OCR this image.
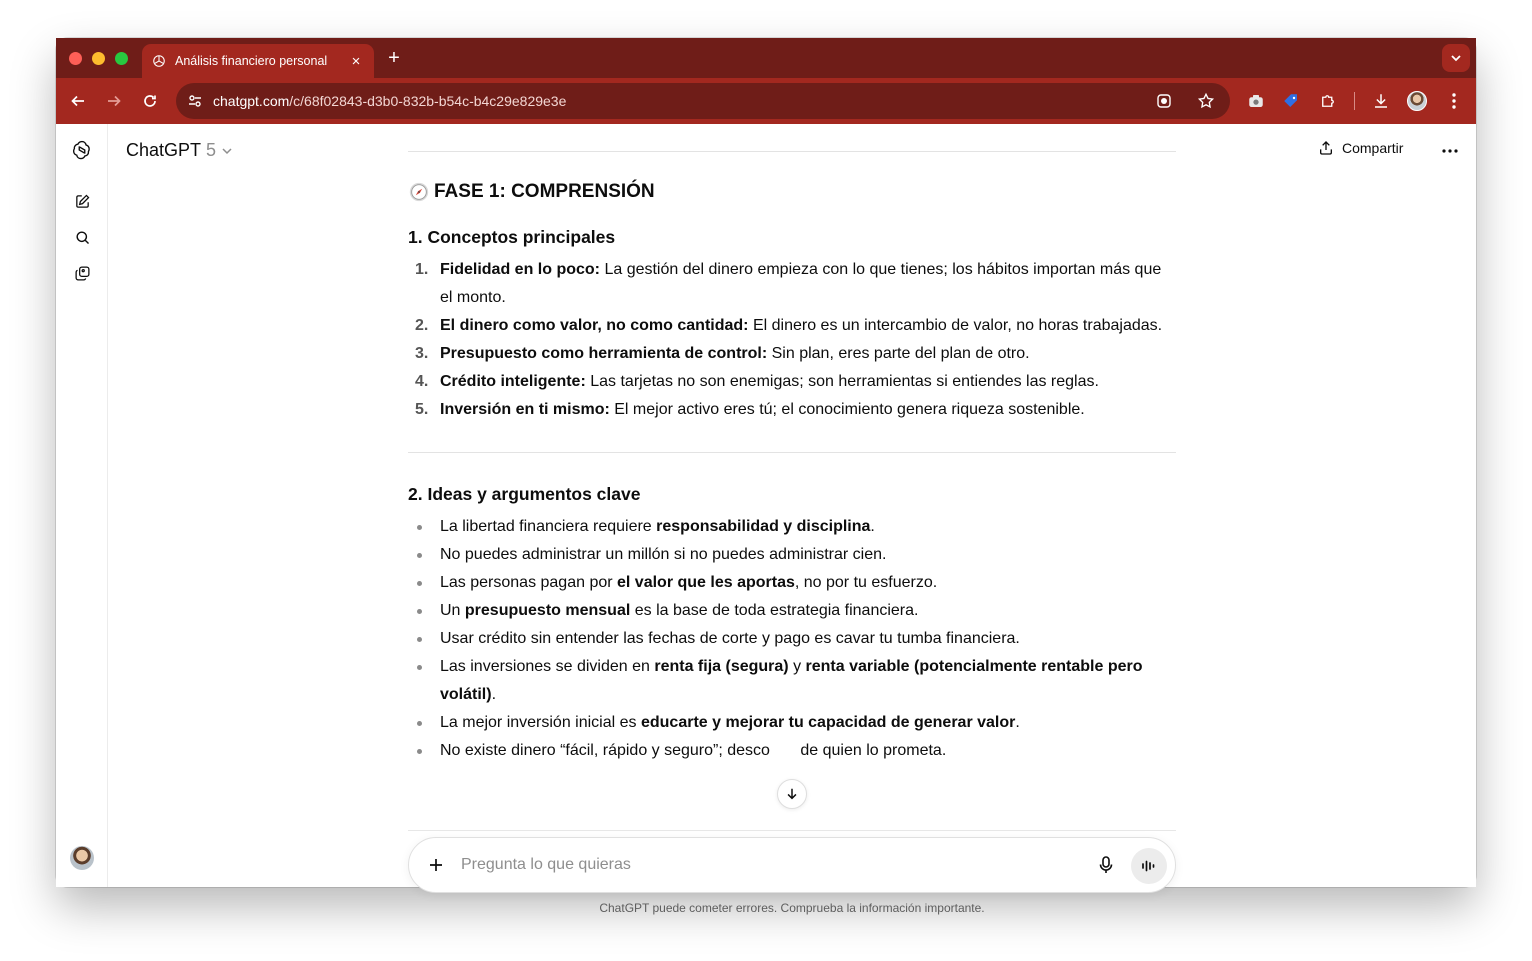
Análisis financiero personal	× +
chatgpt.com/c/68f02843-d3b0-832b-b54c-b4c29e829e3e
ChatGPT 5	Compartir
FASE 1: COMPRENSIÓN
1. Conceptos principales
1. Fidelidad en lo poco: La gestión del dinero empieza con lo que tienes; los hábitos importan más que el monto.
2. El dinero como valor, no como cantidad: El dinero es un intercambio de valor, no horas trabajadas.
3. Presupuesto como herramienta de control: Sin plan, eres parte del plan de otro.
4. Crédito inteligente: Las tarjetas no son enemigas; son herramientas si entiendes las reglas.
5. Inversión en ti mismo: El mejor activo eres tú; el conocimiento genera riqueza sostenible.
2. Ideas y argumentos clave
La libertad financiera requiere responsabilidad y disciplina.
No puedes administrar un millón si no puedes administrar cien.
Las personas pagan por el valor que les aportas, no por tu esfuerzo.
Un presupuesto mensual es la base de toda estrategia financiera.
Usar crédito sin entender las fechas de corte y pago es cavar tu tumba financiera.
Las inversiones se dividen en renta fija (segura) y renta variable (potencialmente rentable pero volátil).
La mejor inversión inicial es educarte y mejorar tu capacidad de generar valor.
No existe dinero “fácil, rápido y seguro”; desco de quien lo prometa.
Pregunta lo que quieras
ChatGPT puede cometer errores. Comprueba la información importante.
